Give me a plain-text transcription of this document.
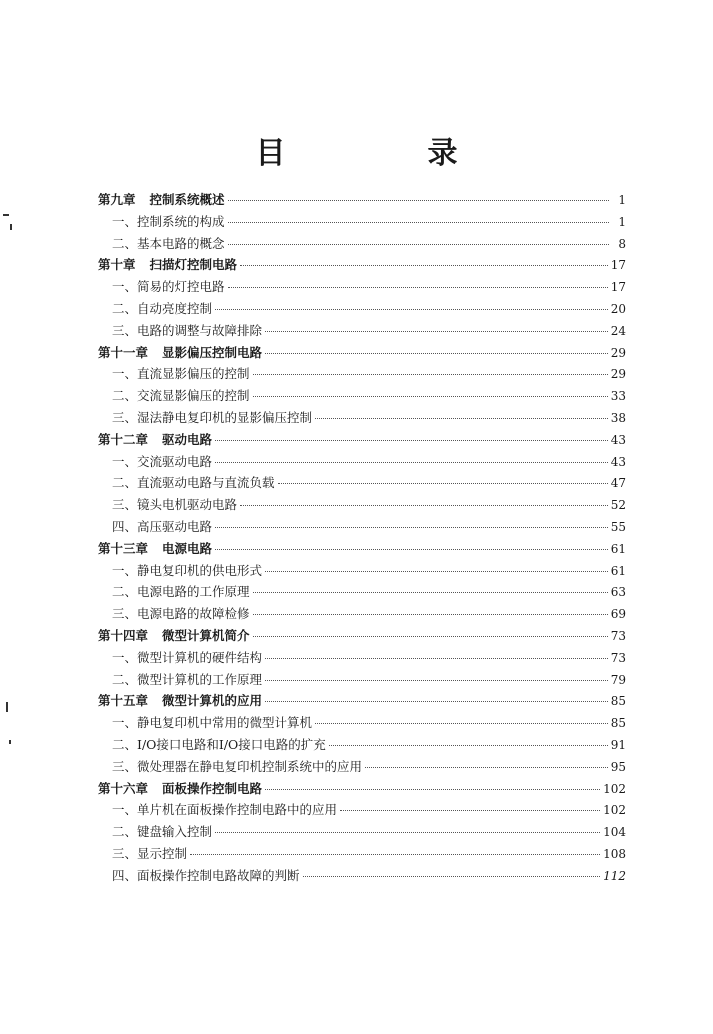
目　录
第九章 控制系统概述	1
一、控制系统的构成	1
二、基本电路的概念	8
第十章 扫描灯控制电路	17
一、简易的灯控电路	17
二、自动亮度控制	20
三、电路的调整与故障排除	24
第十一章 显影偏压控制电路	29
一、直流显影偏压的控制	29
二、交流显影偏压的控制	33
三、湿法静电复印机的显影偏压控制	38
第十二章 驱动电路	43
一、交流驱动电路	43
二、直流驱动电路与直流负载	47
三、镜头电机驱动电路	52
四、高压驱动电路	55
第十三章 电源电路	61
一、静电复印机的供电形式	61
二、电源电路的工作原理	63
三、电源电路的故障检修	69
第十四章 微型计算机简介	73
一、微型计算机的硬件结构	73
二、微型计算机的工作原理	79
第十五章 微型计算机的应用	85
一、静电复印机中常用的微型计算机	85
二、I/O接口电路和I/O接口电路的扩充	91
三、微处理器在静电复印机控制系统中的应用	95
第十六章 面板操作控制电路	102
一、单片机在面板操作控制电路中的应用	102
二、键盘输入控制	104
三、显示控制	108
四、面板操作控制电路故障的判断	112
